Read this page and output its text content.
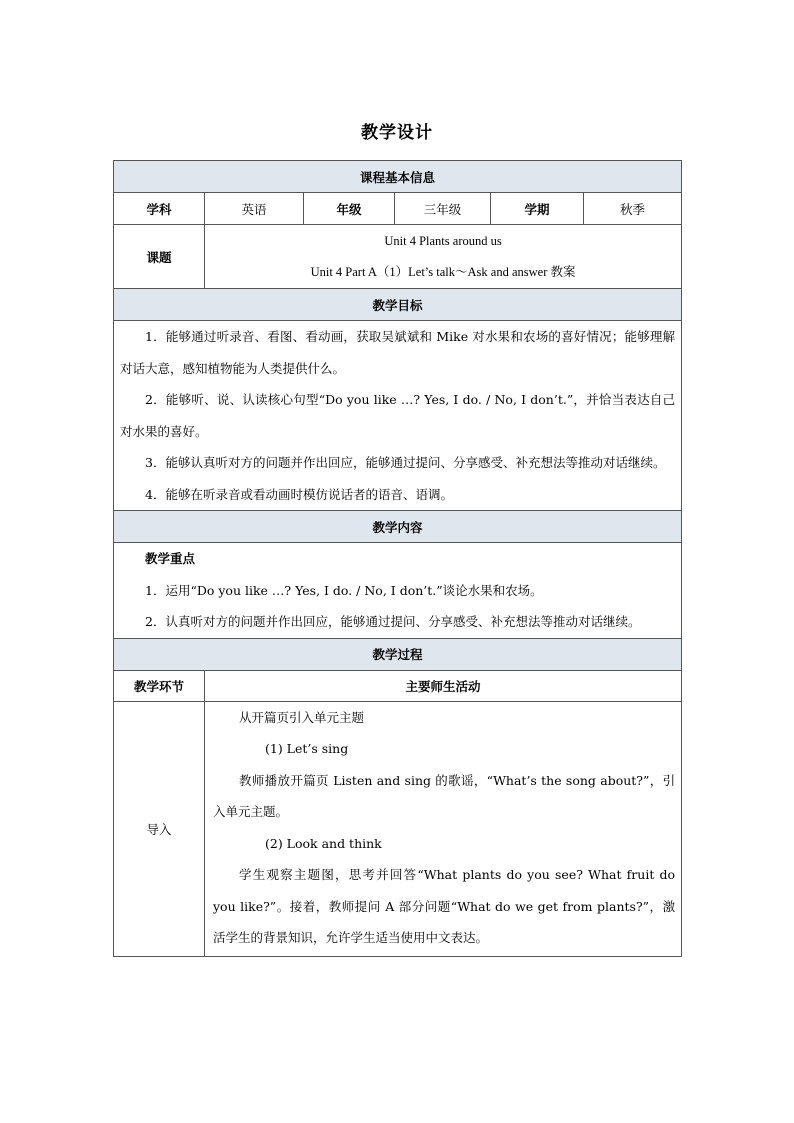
教学设计
课程基本信息					
学科	英语	年级	三年级	学期	秋季
课题	Unit 4 Plants around us
Unit 4 Part A（1）Let’s talk～Ask and answer 教案				

教学目标					

1．能够通过听录音、看图、看动画，获取吴斌斌和 Mike 对水果和农场的喜好情况；能够理解对话大意，感知植物能为人类提供什么。
2．能够听、说、认读核心句型“Do you like …? Yes, I do. / No, I don’t.”，并恰当表达自己对水果的喜好。
3．能够认真听对方的问题并作出回应，能够通过提问、分享感受、补充想法等推动对话继续。
4．能够在听录音或看动画时模仿说话者的语音、语调。					

教学内容					

教学重点
1．运用“Do you like …? Yes, I do. / No, I don’t.”谈论水果和农场。
2．认真听对方的问题并作出回应，能够通过提问、分享感受、补充想法等推动对话继续。					

教学过程					
教学环节	主要师生活动				
导入	从开篇页引入单元主题

(1) Let’s sing

教师播放开篇页 Listen and sing 的歌谣，“What’s the song about?”，引入单元主题。

(2) Look and think

学生观察主题图，思考并回答“What plants do you see? What fruit do you like?”。接着，教师提问 A 部分问题“What do we get from plants?”，激活学生的背景知识，允许学生适当使用中文表达。				
